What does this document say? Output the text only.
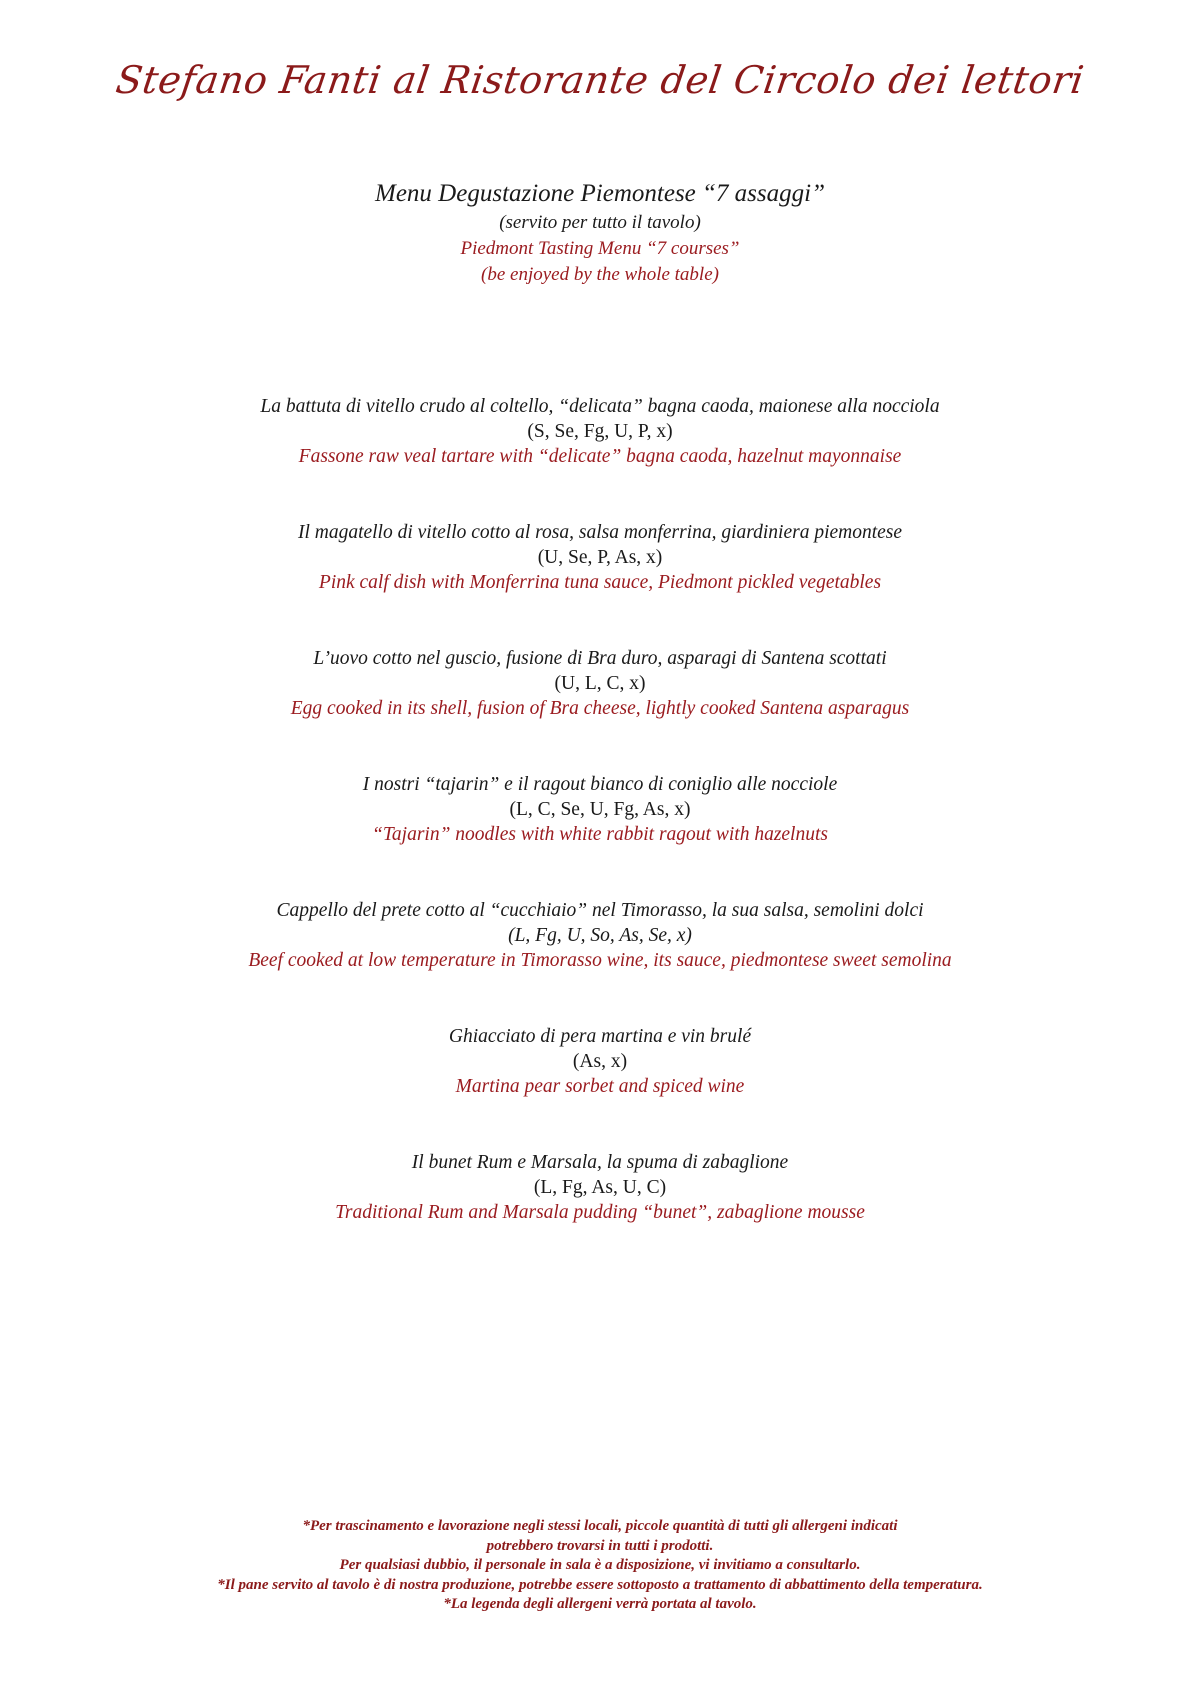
Stefano Fanti al Ristorante del Circolo dei lettori
Menu Degustazione Piemontese “7 assaggi”
(servito per tutto il tavolo)
Piedmont Tasting Menu “7 courses”
(be enjoyed by the whole table)
La battuta di vitello crudo al coltello, “delicata” bagna caoda, maionese alla nocciola
(S, Se, Fg, U, P, x)
Fassone raw veal tartare with “delicate” bagna caoda, hazelnut mayonnaise
Il magatello di vitello cotto al rosa, salsa monferrina, giardiniera piemontese
(U, Se, P, As, x)
Pink calf dish with Monferrina tuna sauce, Piedmont pickled vegetables
L’uovo cotto nel guscio, fusione di Bra duro, asparagi di Santena scottati
(U, L, C, x)
Egg cooked in its shell, fusion of Bra cheese, lightly cooked Santena asparagus
I nostri “tajarin” e il ragout bianco di coniglio alle nocciole
(L, C, Se, U, Fg, As, x)
“Tajarin” noodles with white rabbit ragout with hazelnuts
Cappello del prete cotto al “cucchiaio” nel Timorasso, la sua salsa, semolini dolci
(L, Fg, U, So, As, Se, x)
Beef cooked at low temperature in Timorasso wine, its sauce, piedmontese sweet semolina
Ghiacciato di pera martina e vin brulé
(As, x)
Martina pear sorbet and spiced wine
Il bunet Rum e Marsala, la spuma di zabaglione
(L, Fg, As, U, C)
Traditional Rum and Marsala pudding “bunet”, zabaglione mousse
*Per trascinamento e lavorazione negli stessi locali, piccole quantità di tutti gli allergeni indicati
potrebbero trovarsi in tutti i prodotti.
Per qualsiasi dubbio, il personale in sala è a disposizione, vi invitiamo a consultarlo.
*Il pane servito al tavolo è di nostra produzione, potrebbe essere sottoposto a trattamento di abbattimento della temperatura.
*La legenda degli allergeni verrà portata al tavolo.
